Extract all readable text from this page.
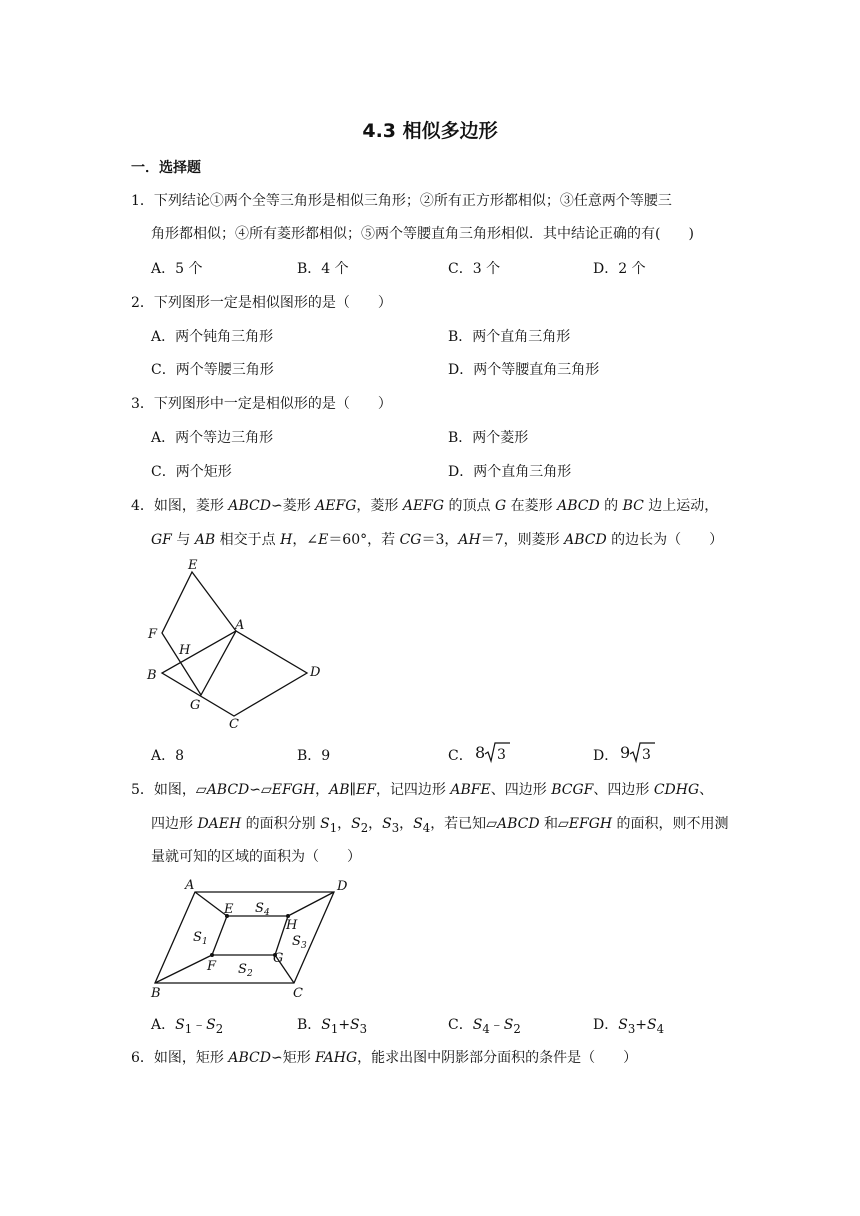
4.3 相似多边形
一．选择题
1．下列结论①两个全等三角形是相似三角形；②所有正方形都相似；③任意两个等腰三
角形都相似；④所有菱形都相似；⑤两个等腰直角三角形相似．其中结论正确的有(　　)
A．5 个	B．4 个	C．3 个	D．2 个
2．下列图形一定是相似图形的是（　　）
A．两个钝角三角形	B．两个直角三角形
C．两个等腰三角形	D．两个等腰直角三角形
3．下列图形中一定是相似形的是（　　）
A．两个等边三角形	B．两个菱形
C．两个矩形	D．两个直角三角形
4．如图，菱形 ABCD∽菱形 AEFG，菱形 AEFG 的顶点 G 在菱形 ABCD 的 BC 边上运动，
GF 与 AB 相交于点 H，∠E＝60°，若 CG＝3，AH＝7，则菱形 ABCD 的边长为（　　）
E
F
A
H
B	D
G
C
A．8	B．9	C． 8 3	D． 9 3
5．如图，▱ABCD∽▱EFGH，AB∥EF，记四边形 ABFE、四边形 BCGF、四边形 CDHG、
四边形 DAEH 的面积分别 $S_1$，$S_2$，$S_3$，$S_4$，若已知▱ABCD 和▱EFGH 的面积，则不用测
量就可知的区域的面积为（　　）
A	D
E S 4
H
S 1	S 3
F S 2
G
B	C
A．$S_1﹣S_2$	B．$S_1+S_3$	C．$S_4﹣S_2$	D．$S_3+S_4$
6．如图，矩形 ABCD∽矩形 FAHG，能求出图中阴影部分面积的条件是（　　）
